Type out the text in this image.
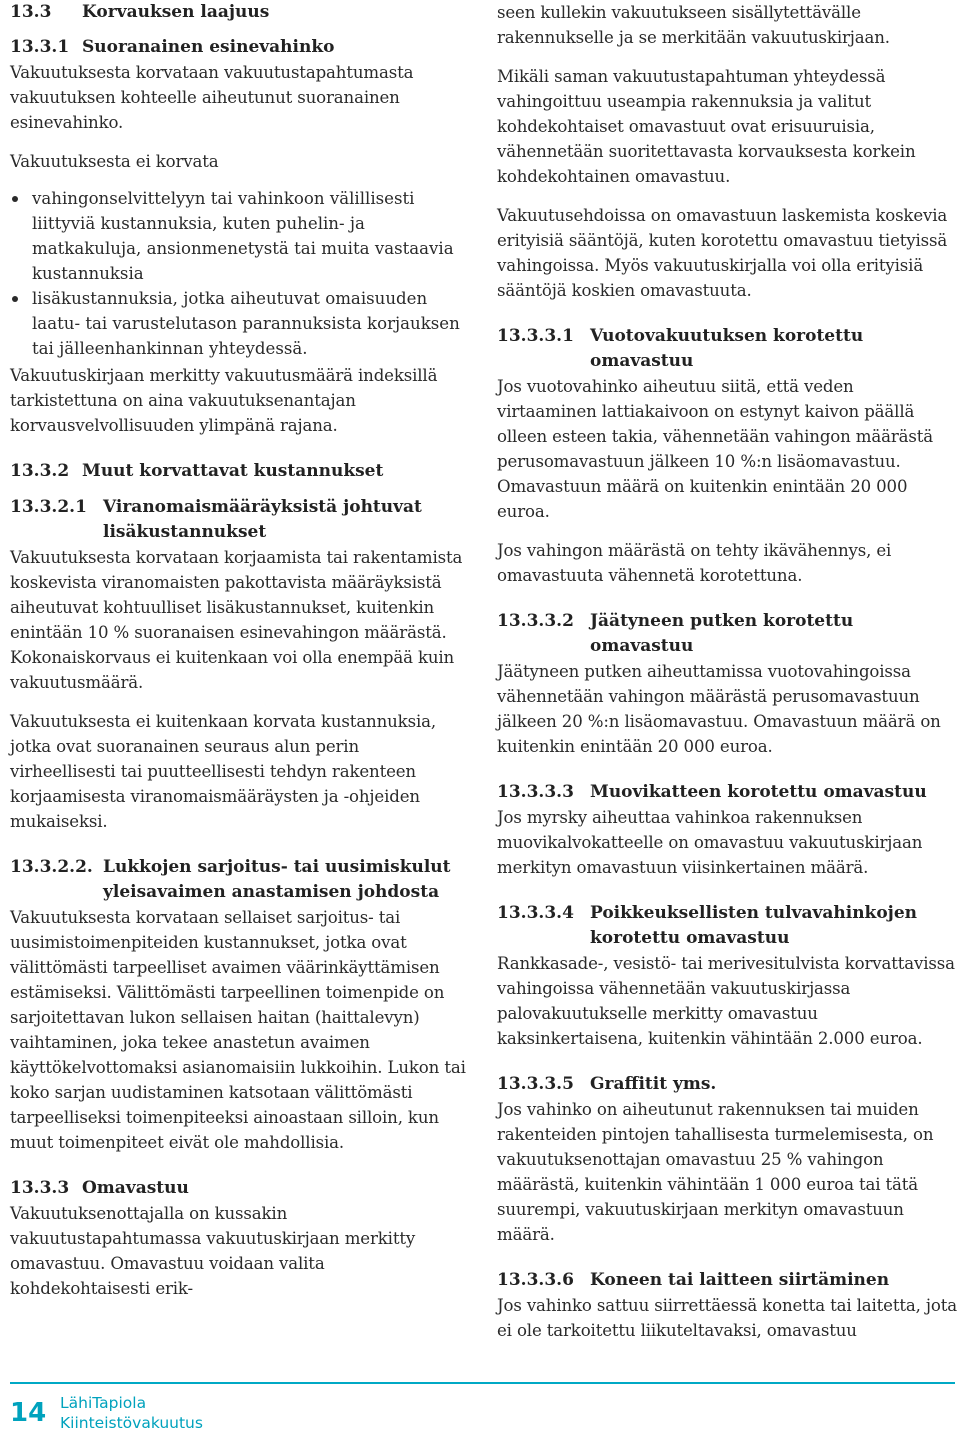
13.3	Korvauksen laajuus
13.3.1 Suoranainen esinevahinko

Vakuutuksesta korvataan vakuutustapahtumasta vakuutuksen kohteelle aiheutunut suoranainen esinevahinko.

Vakuutuksesta ei korvata

vahingonselvittelyyn tai vahinkoon välillisesti liittyviä kustannuksia, kuten puhelin- ja matkakuluja, ansionmenetystä tai muita vastaavia kustannuksia
lisäkustannuksia, jotka aiheutuvat omaisuuden laatu- tai varustelutason parannuksista korjauksen tai jälleenhankinnan yhteydessä.

Vakuutuskirjaan merkitty vakuutusmäärä indeksillä tarkistettuna on aina vakuutuksenantajan korvausvelvollisuuden ylimpänä rajana.

13.3.2 Muut korvattavat kustannukset
13.3.2.1 Viranomaismääräyksistä johtuvat lisäkustannukset

Vakuutuksesta korvataan korjaamista tai rakentamista koskevista viranomaisten pakottavista määräyksistä aiheutuvat kohtuulliset lisäkustannukset, kuitenkin enintään 10 % suoranaisen esinevahingon määrästä. Kokonaiskorvaus ei kuitenkaan voi olla enempää kuin vakuutusmäärä.

Vakuutuksesta ei kuitenkaan korvata kustannuksia, jotka ovat suoranainen seuraus alun perin virheellisesti tai puutteellisesti tehdyn rakenteen korjaamisesta viranomaismääräysten ja -ohjeiden mukaiseksi.

13.3.2.2. Lukkojen sarjoitus- tai uusimiskulut yleisavaimen anastamisen johdosta

Vakuutuksesta korvataan sellaiset sarjoitus- tai uusimistoimenpiteiden kustannukset, jotka ovat välittömästi tarpeelliset avaimen väärinkäyttämisen estämiseksi. Välittömästi tarpeellinen toimenpide on sarjoitettavan lukon sellaisen haitan (haittalevyn) vaihtaminen, joka tekee anastetun avaimen käyttökelvottomaksi asianomaisiin lukkoihin. Lukon tai koko sarjan uudistaminen katsotaan välittömästi tarpeelliseksi toimenpiteeksi ainoastaan silloin, kun muut toimenpiteet eivät ole mahdollisia.

13.3.3 Omavastuu

Vakuutuksenottajalla on kussakin vakuutustapahtumassa vakuutuskirjaan merkitty omavastuu. Omavastuu voidaan valita kohdekohtaisesti erik-

seen kullekin vakuutukseen sisällytettävälle rakennukselle ja se merkitään vakuutuskirjaan.

Mikäli saman vakuutustapahtuman yhteydessä vahingoittuu useampia rakennuksia ja valitut kohdekohtaiset omavastuut ovat erisuuruisia, vähennetään suoritettavasta korvauksesta korkein kohdekohtainen omavastuu.

Vakuutusehdoissa on omavastuun laskemista koskevia erityisiä sääntöjä, kuten korotettu omavastuu tietyissä vahingoissa. Myös vakuutuskirjalla voi olla erityisiä sääntöjä koskien omavastuuta.

13.3.3.1 Vuotovakuutuksen korotettu omavastuu

Jos vuotovahinko aiheutuu siitä, että veden virtaaminen lattiakaivoon on estynyt kaivon päällä olleen esteen takia, vähennetään vahingon määrästä perusomavastuun jälkeen 10 %:n lisäomavastuu. Omavastuun määrä on kuitenkin enintään 20 000 euroa.

Jos vahingon määrästä on tehty ikävähennys, ei omavastuuta vähennetä korotettuna.

13.3.3.2 Jäätyneen putken korotettu omavastuu

Jäätyneen putken aiheuttamissa vuotovahingoissa vähennetään vahingon määrästä perusomavastuun jälkeen 20 %:n lisäomavastuu. Omavastuun määrä on kuitenkin enintään 20 000 euroa.

13.3.3.3 Muovikatteen korotettu omavastuu

Jos myrsky aiheuttaa vahinkoa rakennuksen muovikalvokatteelle on omavastuu vakuutuskirjaan merkityn omavastuun viisinkertainen määrä.

13.3.3.4 Poikkeuksellisten tulvavahinkojen korotettu omavastuu

Rankkasade-, vesistö- tai merivesitulvista korvattavissa vahingoissa vähennetään vakuutuskirjassa palovakuutukselle merkitty omavastuu kaksinkertaisena, kuitenkin vähintään 2.000 euroa.

13.3.3.5 Graffitit yms.

Jos vahinko on aiheutunut rakennuksen tai muiden rakenteiden pintojen tahallisesta turmelemisesta, on vakuutuksenottajan omavastuu 25 % vahingon määrästä, kuitenkin vähintään 1 000 euroa tai tätä suurempi, vakuutuskirjaan merkityn omavastuun määrä.

13.3.3.6 Koneen tai laitteen siirtäminen

Jos vahinko sattuu siirrettäessä konetta tai laitetta, jota ei ole tarkoitettu liikuteltavaksi, omavastuu

14 LähiTapiola
Kiinteistövakuutus
